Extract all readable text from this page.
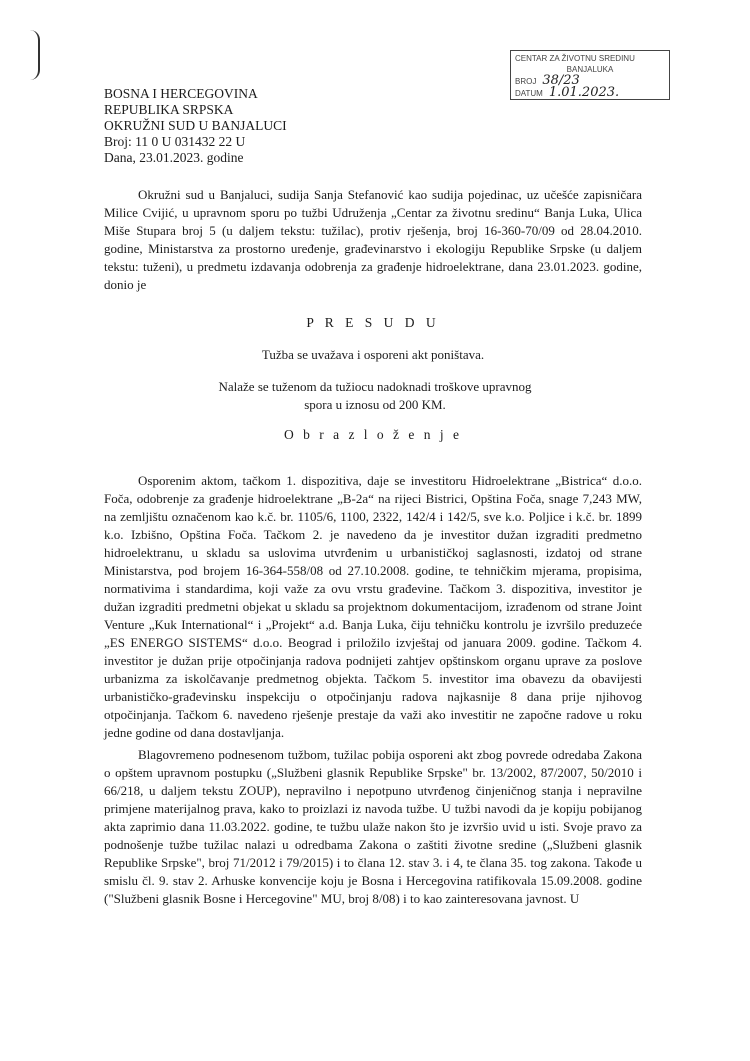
CENTAR ZA ŽIVOTNU SREDINU
BANJALUKA
BROJ 38/23
DATUM 1.01.2023.
BOSNA I HERCEGOVINA
REPUBLIKA SRPSKA
OKRUŽNI SUD U BANJALUCI
Broj: 11 0 U 031432 22 U
Dana, 23.01.2023. godine

Okružni sud u Banjaluci, sudija Sanja Stefanović kao sudija pojedinac, uz učešće zapisničara Milice Cvijić, u upravnom sporu po tužbi Udruženja „Centar za životnu sredinu“ Banja Luka, Ulica Miše Stupara broj 5 (u daljem tekstu: tužilac), protiv rješenja, broj 16-360-70/09 od 28.04.2010. godine, Ministarstva za prostorno uređenje, građevinarstvo i ekologiju Republike Srpske (u daljem tekstu: tuženi), u predmetu izdavanja odobrenja za građenje hidroelektrane, dana 23.01.2023. godine, donio je

P R E S U D U
Tužba se uvažava i osporeni akt poništava.
Nalaže se tuženom da tužiocu nadoknadi troškove upravnog spora u iznosu od 200 KM.
O b r a z l o ž e n j e

Osporenim aktom, tačkom 1. dispozitiva, daje se investitoru Hidroelektrane „Bistrica“ d.o.o. Foča, odobrenje za građenje hidroelektrane „B-2a“ na rijeci Bistrici, Opština Foča, snage 7,243 MW, na zemljištu označenom kao k.č. br. 1105/6, 1100, 2322, 142/4 i 142/5, sve k.o. Poljice i k.č. br. 1899 k.o. Izbišno, Opština Foča. Tačkom 2. je navedeno da je investitor dužan izgraditi predmetno hidroelektranu, u skladu sa uslovima utvrđenim u urbanističkoj saglasnosti, izdatoj od strane Ministarstva, pod brojem 16-364-558/08 od 27.10.2008. godine, te tehničkim mjerama, propisima, normativima i standardima, koji važe za ovu vrstu građevine. Tačkom 3. dispozitiva, investitor je dužan izgraditi predmetni objekat u skladu sa projektnom dokumentacijom, izrađenom od strane Joint Venture „Kuk International“ i „Projekt“ a.d. Banja Luka, čiju tehničku kontrolu je izvršilo preduzeće „ES ENERGO SISTEMS“ d.o.o. Beograd i priložilo izvještaj od januara 2009. godine. Tačkom 4. investitor je dužan prije otpočinjanja radova podnijeti zahtjev opštinskom organu uprave za poslove urbanizma za iskolčavanje predmetnog objekta. Tačkom 5. investitor ima obavezu da obavijesti urbanističko-građevinsku inspekciju o otpočinjanju radova najkasnije 8 dana prije njihovog otpočinjanja. Tačkom 6. navedeno rješenje prestaje da važi ako investitir ne započne radove u roku jedne godine od dana dostavljanja.

Blagovremeno podnesenom tužbom, tužilac pobija osporeni akt zbog povrede odredaba Zakona o opštem upravnom postupku („Službeni glasnik Republike Srpske" br. 13/2002, 87/2007, 50/2010 i 66/218, u daljem tekstu ZOUP), nepravilno i nepotpuno utvrđenog činjeničnog stanja i nepravilne primjene materijalnog prava, kako to proizlazi iz navoda tužbe. U tužbi navodi da je kopiju pobijanog akta zaprimio dana 11.03.2022. godine, te tužbu ulaže nakon što je izvršio uvid u isti. Svoje pravo za podnošenje tužbe tužilac nalazi u odredbama Zakona o zaštiti životne sredine („Službeni glasnik Republike Srpske", broj 71/2012 i 79/2015) i to člana 12. stav 3. i 4, te člana 35. tog zakona. Takođe u smislu čl. 9. stav 2. Arhuske konvencije koju je Bosna i Hercegovina ratifikovala 15.09.2008. godine ("Službeni glasnik Bosne i Hercegovine" MU, broj 8/08) i to kao zainteresovana javnost. U
